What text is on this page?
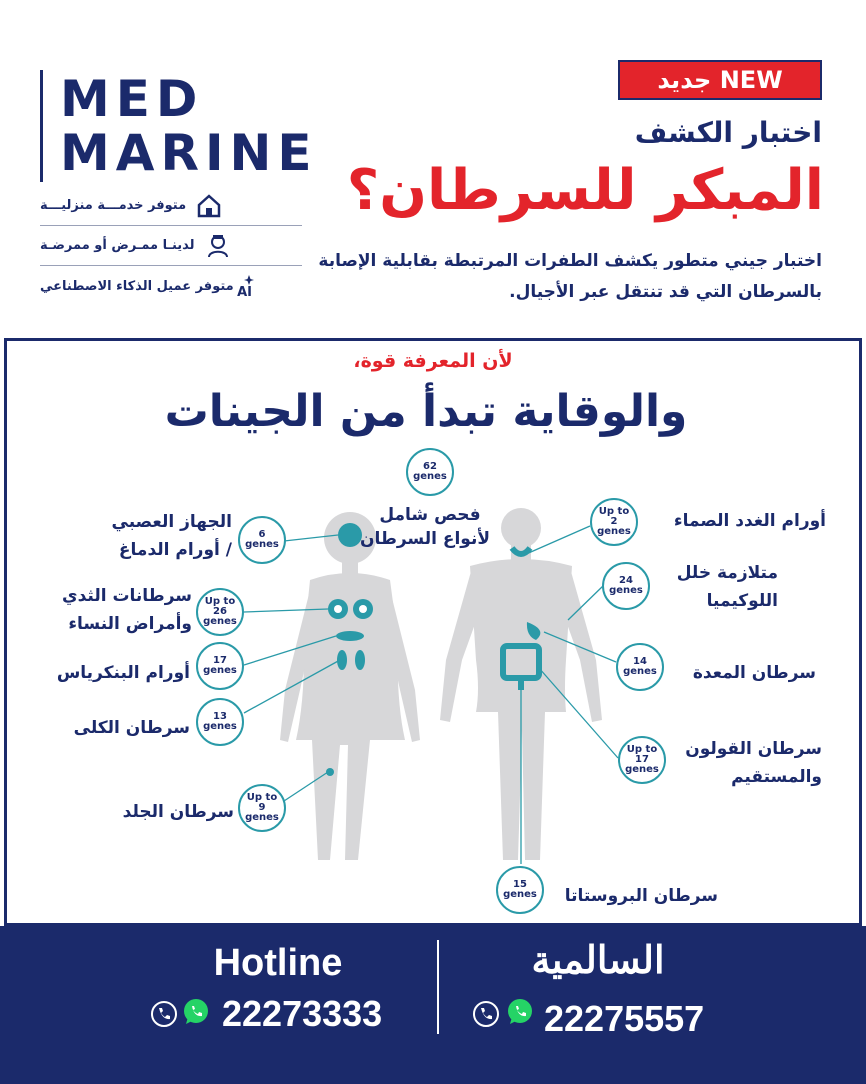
MED
MARINE
متوفر خدمـــة منزليـــة
لدينـا ممـرض أو ممرضـة
AI
متوفر عميل الذكاء الاصطناعي
جديد NEW
اختبار الكشف
المبكر للسرطان؟
اختبار جيني متطور يكشف الطفرات المرتبطة بقابلية الإصابة بالسرطان التي قد تنتقل عبر الأجيال.
لأن المعرفة قوة،
والوقاية تبدأ من الجينات
62
genes
فحص شامل
لأنواع السرطان
6
genes
الجهاز العصبي
/ أورام الدماغ
Up to
26
genes
سرطانات الثدي
وأمراض النساء
17
genes
أورام البنكرياس
13
genes
سرطان الكلى
Up to
9
genes
سرطان الجلد
Up to
2
genes
أورام الغدد الصماء
24
genes
متلازمة خلل
اللوكيميا
14
genes سرطان المعدة
Up to
17
genes
سرطان القولون
والمستقيم
15
genes سرطان البروستاتا
Hotline
22273333
السالمية
22275557
